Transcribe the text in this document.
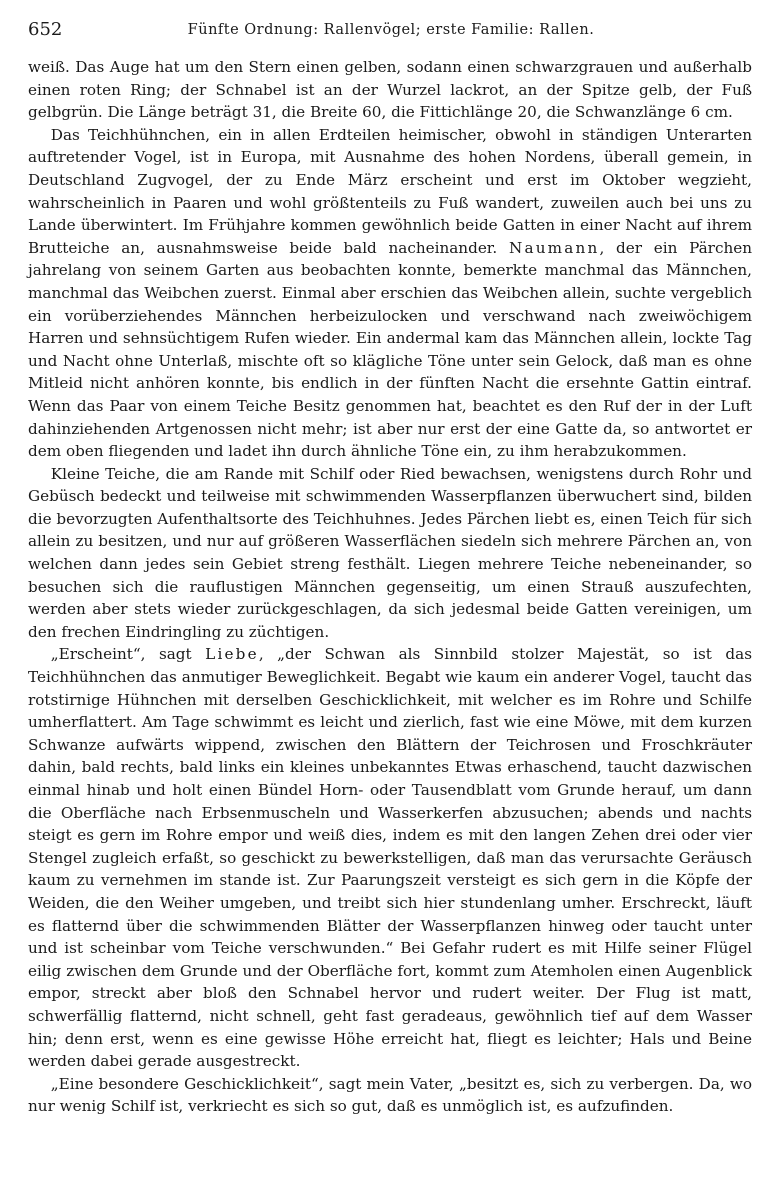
652	Fünfte Ordnung: Rallenvögel; erste Familie: Rallen.

weiß. Das Auge hat um den Stern einen gelben, sodann einen schwarzgrauen und außerhalb einen roten Ring; der Schnabel ist an der Wurzel lackrot, an der Spitze gelb, der Fuß gelbgrün. Die Länge beträgt 31, die Breite 60, die Fittichlänge 20, die Schwanzlänge 6 cm.

Das Teichhühnchen, ein in allen Erdteilen heimischer, obwohl in ständigen Unterarten auftretender Vogel, ist in Europa, mit Ausnahme des hohen Nordens, überall gemein, in Deutschland Zugvogel, der zu Ende März erscheint und erst im Oktober wegzieht, wahrscheinlich in Paaren und wohl größtenteils zu Fuß wandert, zuweilen auch bei uns zu Lande überwintert. Im Frühjahre kommen gewöhnlich beide Gatten in einer Nacht auf ihrem Brutteiche an, ausnahmsweise beide bald nacheinander. Naumann, der ein Pärchen jahrelang von seinem Garten aus beobachten konnte, bemerkte manchmal das Männchen, manchmal das Weibchen zuerst. Einmal aber erschien das Weibchen allein, suchte vergeblich ein vorüberziehendes Männchen herbeizulocken und verschwand nach zweiwöchigem Harren und sehnsüchtigem Rufen wieder. Ein andermal kam das Männchen allein, lockte Tag und Nacht ohne Unterlaß, mischte oft so klägliche Töne unter sein Gelock, daß man es ohne Mitleid nicht anhören konnte, bis endlich in der fünften Nacht die ersehnte Gattin eintraf. Wenn das Paar von einem Teiche Besitz genommen hat, beachtet es den Ruf der in der Luft dahinziehenden Artgenossen nicht mehr; ist aber nur erst der eine Gatte da, so antwortet er dem oben fliegenden und ladet ihn durch ähnliche Töne ein, zu ihm herabzukommen.

Kleine Teiche, die am Rande mit Schilf oder Ried bewachsen, wenigstens durch Rohr und Gebüsch bedeckt und teilweise mit schwimmenden Wasserpflanzen überwuchert sind, bilden die bevorzugten Aufenthaltsorte des Teichhuhnes. Jedes Pärchen liebt es, einen Teich für sich allein zu besitzen, und nur auf größeren Wasserflächen siedeln sich mehrere Pärchen an, von welchen dann jedes sein Gebiet streng festhält. Liegen mehrere Teiche nebeneinander, so besuchen sich die rauflustigen Männchen gegenseitig, um einen Strauß auszufechten, werden aber stets wieder zurückgeschlagen, da sich jedesmal beide Gatten vereinigen, um den frechen Eindringling zu züchtigen.

„Erscheint“, sagt Liebe, „der Schwan als Sinnbild stolzer Majestät, so ist das Teichhühnchen das anmutiger Beweglichkeit. Begabt wie kaum ein anderer Vogel, taucht das rotstirnige Hühnchen mit derselben Geschicklichkeit, mit welcher es im Rohre und Schilfe umherflattert. Am Tage schwimmt es leicht und zierlich, fast wie eine Möwe, mit dem kurzen Schwanze aufwärts wippend, zwischen den Blättern der Teichrosen und Froschkräuter dahin, bald rechts, bald links ein kleines unbekanntes Etwas erhaschend, taucht dazwischen einmal hinab und holt einen Bündel Horn- oder Tausendblatt vom Grunde herauf, um dann die Oberfläche nach Erbsenmuscheln und Wasserkerfen abzusuchen; abends und nachts steigt es gern im Rohre empor und weiß dies, indem es mit den langen Zehen drei oder vier Stengel zugleich erfaßt, so geschickt zu bewerkstelligen, daß man das verursachte Geräusch kaum zu vernehmen im stande ist. Zur Paarungszeit versteigt es sich gern in die Köpfe der Weiden, die den Weiher umgeben, und treibt sich hier stundenlang umher. Erschreckt, läuft es flatternd über die schwimmenden Blätter der Wasserpflanzen hinweg oder taucht unter und ist scheinbar vom Teiche verschwunden.“ Bei Gefahr rudert es mit Hilfe seiner Flügel eilig zwischen dem Grunde und der Oberfläche fort, kommt zum Atemholen einen Augenblick empor, streckt aber bloß den Schnabel hervor und rudert weiter. Der Flug ist matt, schwerfällig flatternd, nicht schnell, geht fast geradeaus, gewöhnlich tief auf dem Wasser hin; denn erst, wenn es eine gewisse Höhe erreicht hat, fliegt es leichter; Hals und Beine werden dabei gerade ausgestreckt.

„Eine besondere Geschicklichkeit“, sagt mein Vater, „besitzt es, sich zu verbergen. Da, wo nur wenig Schilf ist, verkriecht es sich so gut, daß es unmöglich ist, es aufzufinden.
